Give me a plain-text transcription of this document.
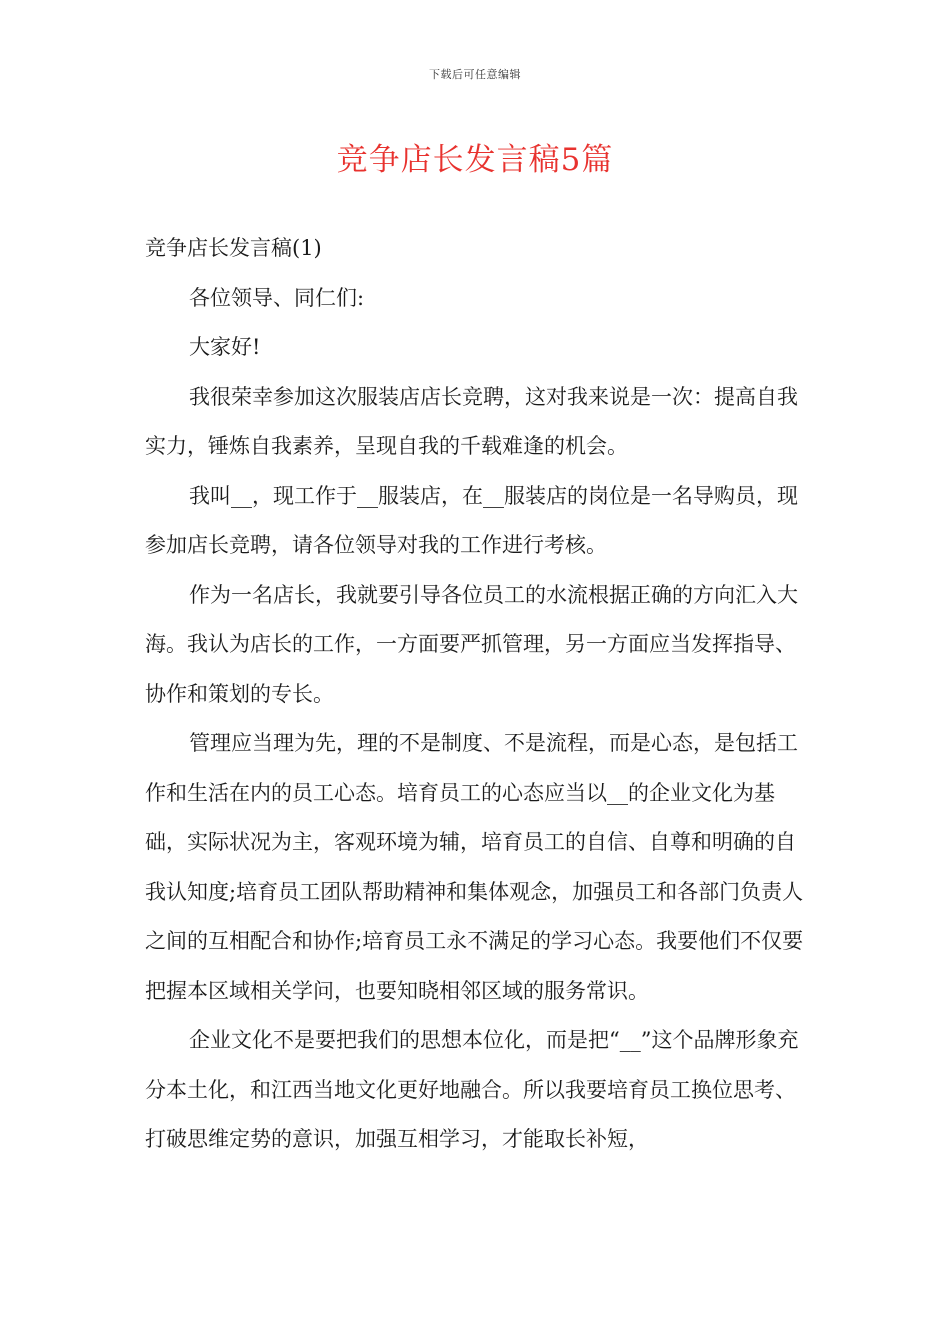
下载后可任意编辑
竞争店长发言稿5篇

竞争店长发言稿(1)

各位领导、同仁们:

大家好!

我很荣幸参加这次服装店店长竞聘，这对我来说是一次：提高自我实力，锤炼自我素养，呈现自我的千载难逢的机会。

我叫__，现工作于__服装店，在__服装店的岗位是一名导购员，现参加店长竞聘，请各位领导对我的工作进行考核。

作为一名店长，我就要引导各位员工的水流根据正确的方向汇入大海。我认为店长的工作，一方面要严抓管理，另一方面应当发挥指导、协作和策划的专长。

管理应当理为先，理的不是制度、不是流程，而是心态，是包括工作和生活在内的员工心态。培育员工的心态应当以__的企业文化为基础，实际状况为主，客观环境为辅，培育员工的自信、自尊和明确的自我认知度;培育员工团队帮助精神和集体观念，加强员工和各部门负责人之间的互相配合和协作;培育员工永不满足的学习心态。我要他们不仅要把握本区域相关学问，也要知晓相邻区域的服务常识。

企业文化不是要把我们的思想本位化，而是把“__”这个品牌形象充分本土化，和江西当地文化更好地融合。所以我要培育员工换位思考、打破思维定势的意识，加强互相学习，才能取长补短，
